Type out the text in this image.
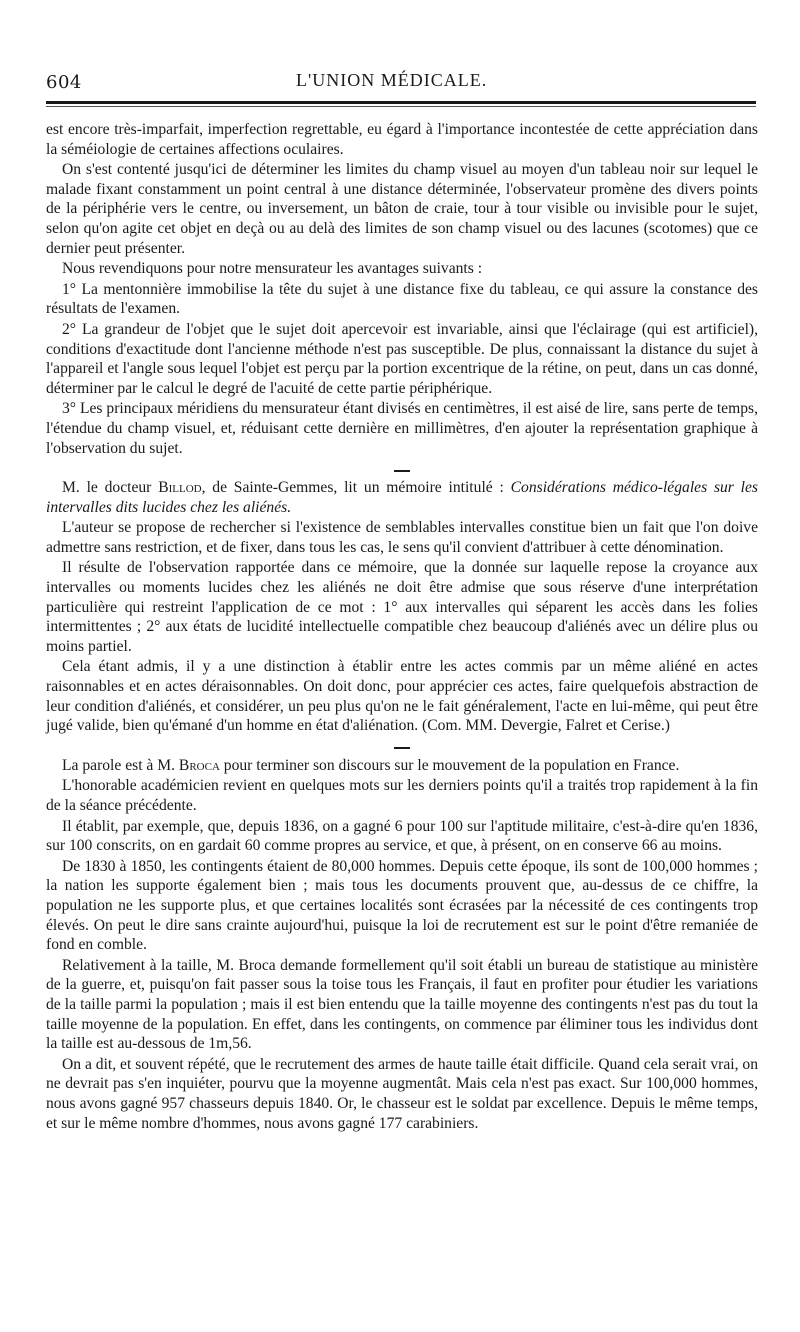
604	L'UNION MÉDICALE.

est encore très-imparfait, imperfection regrettable, eu égard à l'importance incontestée de cette appréciation dans la séméiologie de certaines affections oculaires.

On s'est contenté jusqu'ici de déterminer les limites du champ visuel au moyen d'un tableau noir sur lequel le malade fixant constamment un point central à une distance déterminée, l'observateur promène des divers points de la périphérie vers le centre, ou inversement, un bâton de craie, tour à tour visible ou invisible pour le sujet, selon qu'on agite cet objet en deçà ou au delà des limites de son champ visuel ou des lacunes (scotomes) que ce dernier peut présenter.

Nous revendiquons pour notre mensurateur les avantages suivants :

1° La mentonnière immobilise la tête du sujet à une distance fixe du tableau, ce qui assure la constance des résultats de l'examen.

2° La grandeur de l'objet que le sujet doit apercevoir est invariable, ainsi que l'éclairage (qui est artificiel), conditions d'exactitude dont l'ancienne méthode n'est pas susceptible. De plus, connaissant la distance du sujet à l'appareil et l'angle sous lequel l'objet est perçu par la portion excentrique de la rétine, on peut, dans un cas donné, déterminer par le calcul le degré de l'acuité de cette partie périphérique.

3° Les principaux méridiens du mensurateur étant divisés en centimètres, il est aisé de lire, sans perte de temps, l'étendue du champ visuel, et, réduisant cette dernière en millimètres, d'en ajouter la représentation graphique à l'observation du sujet.

M. le docteur Billod, de Sainte-Gemmes, lit un mémoire intitulé : Considérations médico-légales sur les intervalles dits lucides chez les aliénés.

L'auteur se propose de rechercher si l'existence de semblables intervalles constitue bien un fait que l'on doive admettre sans restriction, et de fixer, dans tous les cas, le sens qu'il convient d'attribuer à cette dénomination.

Il résulte de l'observation rapportée dans ce mémoire, que la donnée sur laquelle repose la croyance aux intervalles ou moments lucides chez les aliénés ne doit être admise que sous réserve d'une interprétation particulière qui restreint l'application de ce mot : 1° aux intervalles qui séparent les accès dans les folies intermittentes ; 2° aux états de lucidité intellectuelle compatible chez beaucoup d'aliénés avec un délire plus ou moins partiel.

Cela étant admis, il y a une distinction à établir entre les actes commis par un même aliéné en actes raisonnables et en actes déraisonnables. On doit donc, pour apprécier ces actes, faire quelquefois abstraction de leur condition d'aliénés, et considérer, un peu plus qu'on ne le fait généralement, l'acte en lui-même, qui peut être jugé valide, bien qu'émané d'un homme en état d'aliénation. (Com. MM. Devergie, Falret et Cerise.)

La parole est à M. Broca pour terminer son discours sur le mouvement de la population en France.

L'honorable académicien revient en quelques mots sur les derniers points qu'il a traités trop rapidement à la fin de la séance précédente.

Il établit, par exemple, que, depuis 1836, on a gagné 6 pour 100 sur l'aptitude militaire, c'est-à-dire qu'en 1836, sur 100 conscrits, on en gardait 60 comme propres au service, et que, à présent, on en conserve 66 au moins.

De 1830 à 1850, les contingents étaient de 80,000 hommes. Depuis cette époque, ils sont de 100,000 hommes ; la nation les supporte également bien ; mais tous les documents prouvent que, au-dessus de ce chiffre, la population ne les supporte plus, et que certaines localités sont écrasées par la nécessité de ces contingents trop élevés. On peut le dire sans crainte aujourd'hui, puisque la loi de recrutement est sur le point d'être remaniée de fond en comble.

Relativement à la taille, M. Broca demande formellement qu'il soit établi un bureau de statistique au ministère de la guerre, et, puisqu'on fait passer sous la toise tous les Français, il faut en profiter pour étudier les variations de la taille parmi la population ; mais il est bien entendu que la taille moyenne des contingents n'est pas du tout la taille moyenne de la population. En effet, dans les contingents, on commence par éliminer tous les individus dont la taille est au-dessous de 1m,56.

On a dit, et souvent répété, que le recrutement des armes de haute taille était difficile. Quand cela serait vrai, on ne devrait pas s'en inquiéter, pourvu que la moyenne augmentât. Mais cela n'est pas exact. Sur 100,000 hommes, nous avons gagné 957 chasseurs depuis 1840. Or, le chasseur est le soldat par excellence. Depuis le même temps, et sur le même nombre d'hommes, nous avons gagné 177 carabiniers.
